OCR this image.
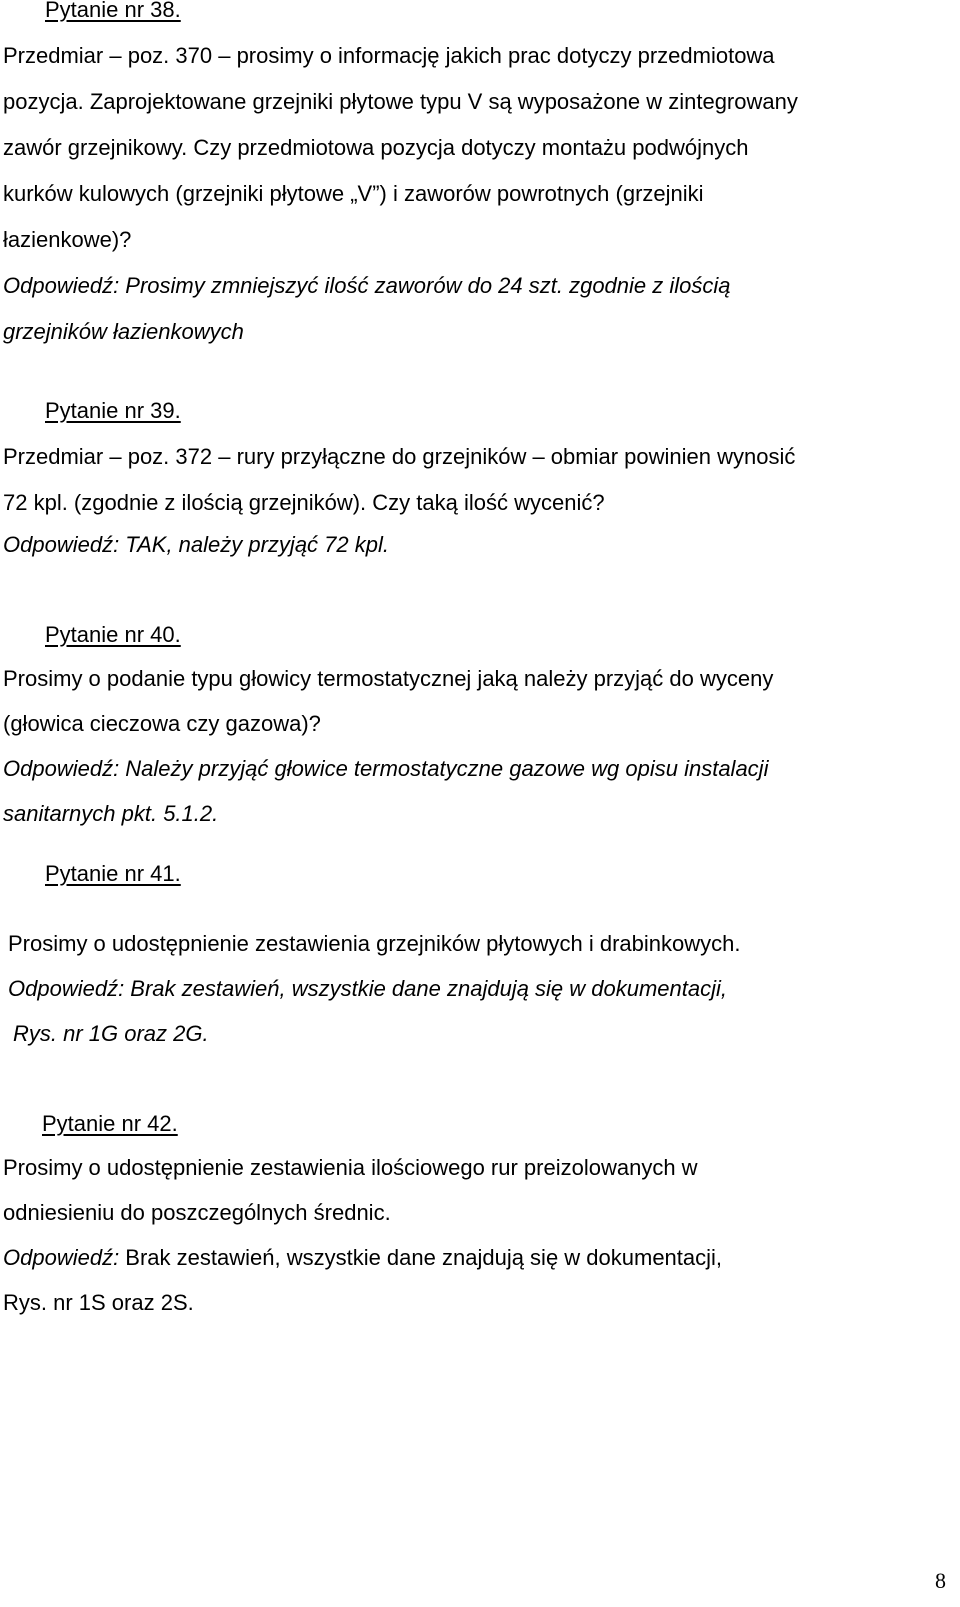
Pytanie nr 38.
Przedmiar – poz. 370 – prosimy o informację jakich prac dotyczy przedmiotowa
pozycja. Zaprojektowane grzejniki płytowe typu V są wyposażone w zintegrowany
zawór grzejnikowy. Czy przedmiotowa pozycja dotyczy montażu podwójnych
kurków kulowych (grzejniki płytowe „V”) i zaworów powrotnych (grzejniki
łazienkowe)?
Odpowiedź: Prosimy zmniejszyć ilość zaworów do 24 szt. zgodnie z ilością
grzejników łazienkowych
Pytanie nr 39.
Przedmiar – poz. 372 – rury przyłączne do grzejników – obmiar powinien wynosić
72 kpl. (zgodnie z ilością grzejników). Czy taką ilość wycenić?
Odpowiedź: TAK, należy przyjąć 72 kpl.
Pytanie nr 40.
Prosimy o podanie typu głowicy termostatycznej jaką należy przyjąć do wyceny
(głowica cieczowa czy gazowa)?
Odpowiedź: Należy przyjąć głowice termostatyczne gazowe wg opisu instalacji
sanitarnych pkt. 5.1.2.
Pytanie nr 41.
Prosimy o udostępnienie zestawienia grzejników płytowych i drabinkowych.
Odpowiedź: Brak zestawień, wszystkie dane znajdują się w dokumentacji,
Rys. nr 1G oraz 2G.
Pytanie nr 42.
Prosimy o udostępnienie zestawienia ilościowego rur preizolowanych w
odniesieniu do poszczególnych średnic.
Odpowiedź: Brak zestawień, wszystkie dane znajdują się w dokumentacji,
Rys. nr 1S oraz 2S.
8
